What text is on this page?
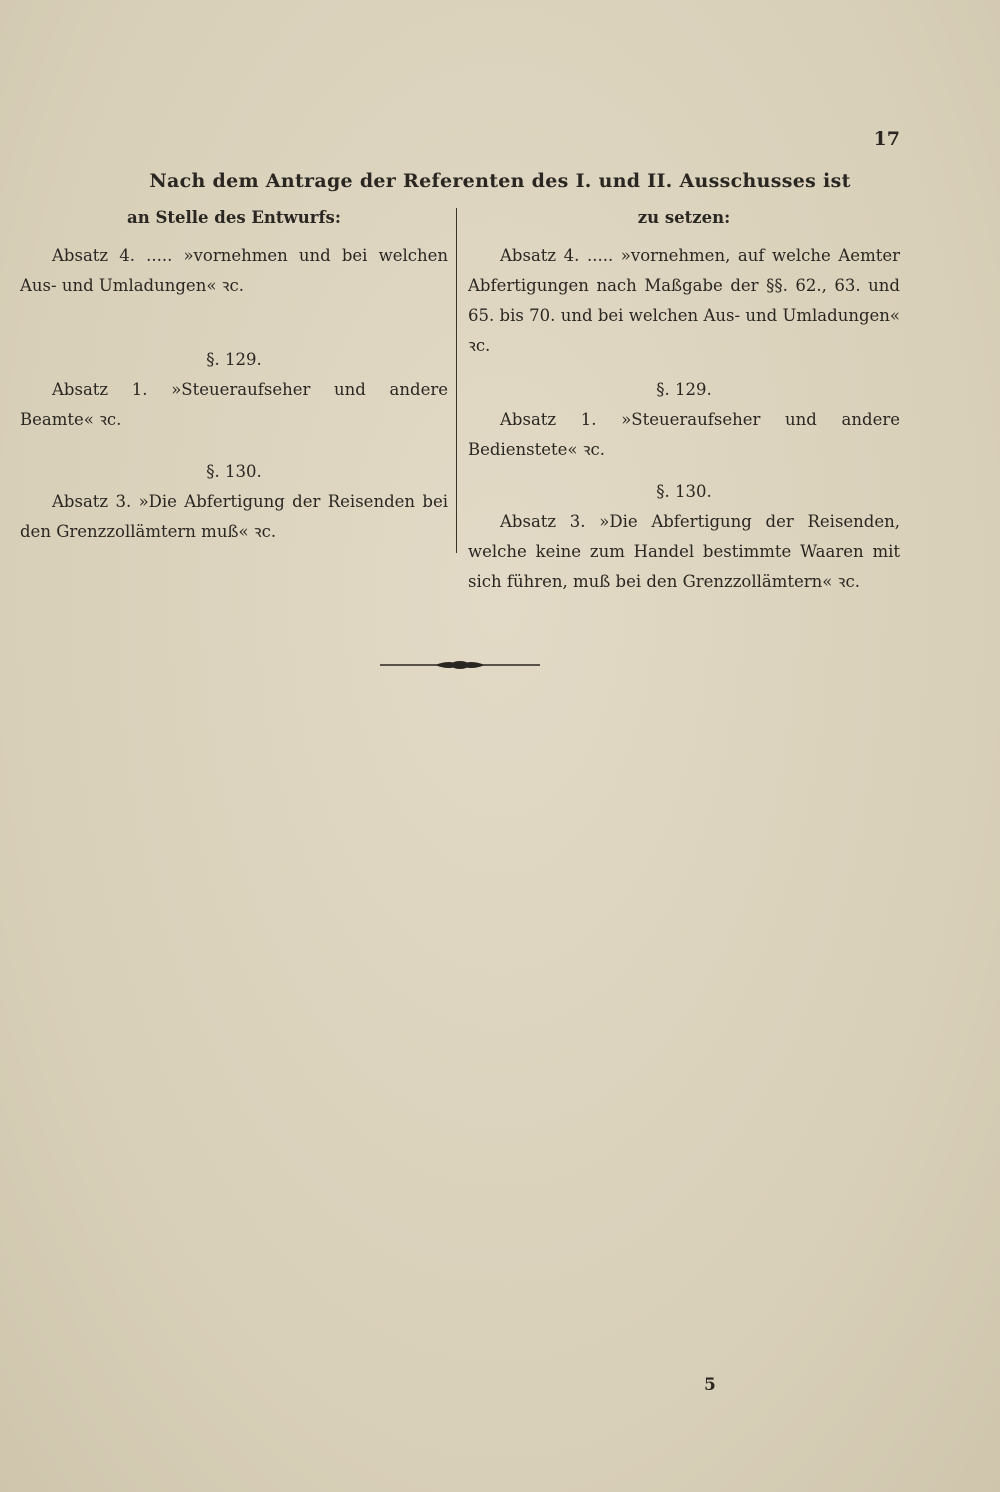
17
Nach dem Antrage der Referenten des I. und II. Ausschusses ist
an Stelle des Entwurfs:
Absatz 4. ..... »vornehmen und bei welchen Aus- und Umladungen« ꝛc.
§. 129.
Absatz 1. »Steueraufseher und andere Beamte« ꝛc.
§. 130.
Absatz 3. »Die Abfertigung der Reisenden bei den Grenzzollämtern muß« ꝛc.
zu setzen:
Absatz 4. ..... »vornehmen, auf welche Aemter Abfertigungen nach Maßgabe der §§. 62., 63. und 65. bis 70. und bei welchen Aus- und Umladungen« ꝛc.
§. 129.
Absatz 1. »Steueraufseher und andere Bedienstete« ꝛc.
§. 130.
Absatz 3. »Die Abfertigung der Reisenden, welche keine zum Handel bestimmte Waaren mit sich führen, muß bei den Grenzzollämtern« ꝛc.
5
